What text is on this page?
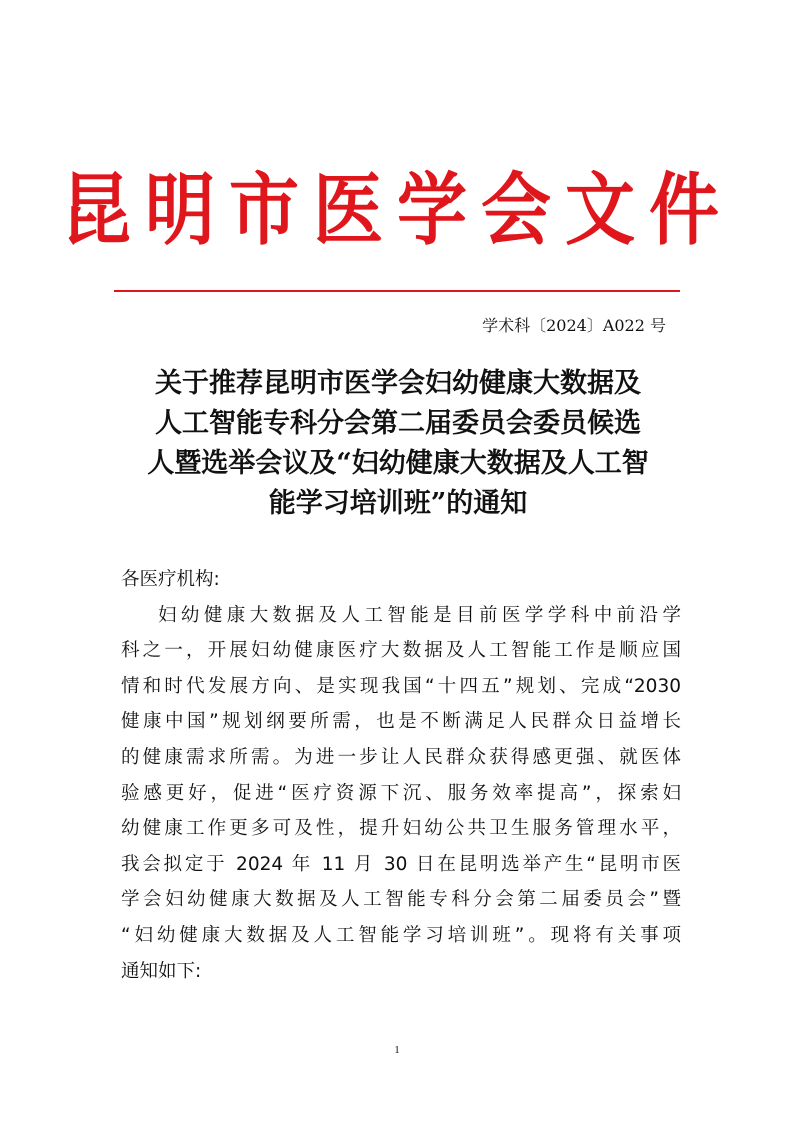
昆明市医学会文件
学术科〔2024〕A022 号
关于推荐昆明市医学会妇幼健康大数据及
人工智能专科分会第二届委员会委员候选
人暨选举会议及“妇幼健康大数据及人工智
能学习培训班”的通知
各医疗机构:
妇幼健康大数据及人工智能是目前医学学科中前沿学
科之一，开展妇幼健康医疗大数据及人工智能工作是顺应国
情和时代发展方向、是实现我国“十四五”规划、完成“2030
健康中国”规划纲要所需，也是不断满足人民群众日益增长
的健康需求所需。为进一步让人民群众获得感更强、就医体
验感更好，促进“医疗资源下沉、服务效率提高”，探索妇
幼健康工作更多可及性，提升妇幼公共卫生服务管理水平，
我会拟定于 2024 年 11 月 30 日在昆明选举产生“昆明市医
学会妇幼健康大数据及人工智能专科分会第二届委员会”暨
“妇幼健康大数据及人工智能学习培训班”。现将有关事项
通知如下:
1
